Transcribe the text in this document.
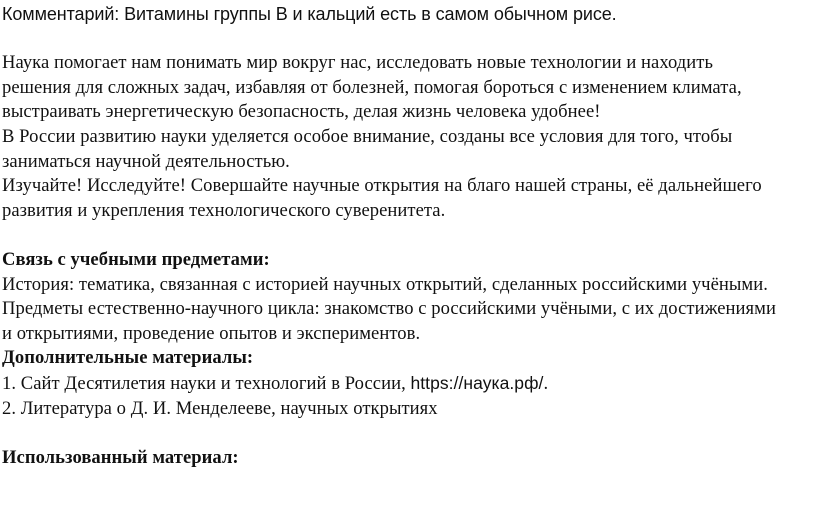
Комментарий: Витамины группы В и кальций есть в самом обычном рисе.

Наука помогает нам понимать мир вокруг нас, исследовать новые технологии и находить

решения для сложных задач, избавляя от болезней, помогая бороться с изменением климата,

выстраивать энергетическую безопасность, делая жизнь человека удобнее!

В России развитию науки уделяется особое внимание, созданы все условия для того, чтобы

заниматься научной деятельностью.

Изучайте! Исследуйте! Совершайте научные открытия на благо нашей страны, её дальнейшего

развития и укрепления технологического суверенитета.

Связь с учебными предметами:

История: тематика, связанная с историей научных открытий, сделанных российскими учёными.

Предметы естественно-научного цикла: знакомство с российскими учёными, с их достижениями

и открытиями, проведение опытов и экспериментов.

Дополнительные материалы:

1. Сайт Десятилетия науки и технологий в России, https://наука.рф/.

2. Литература о Д. И. Менделееве, научных открытиях

Использованный материал:
